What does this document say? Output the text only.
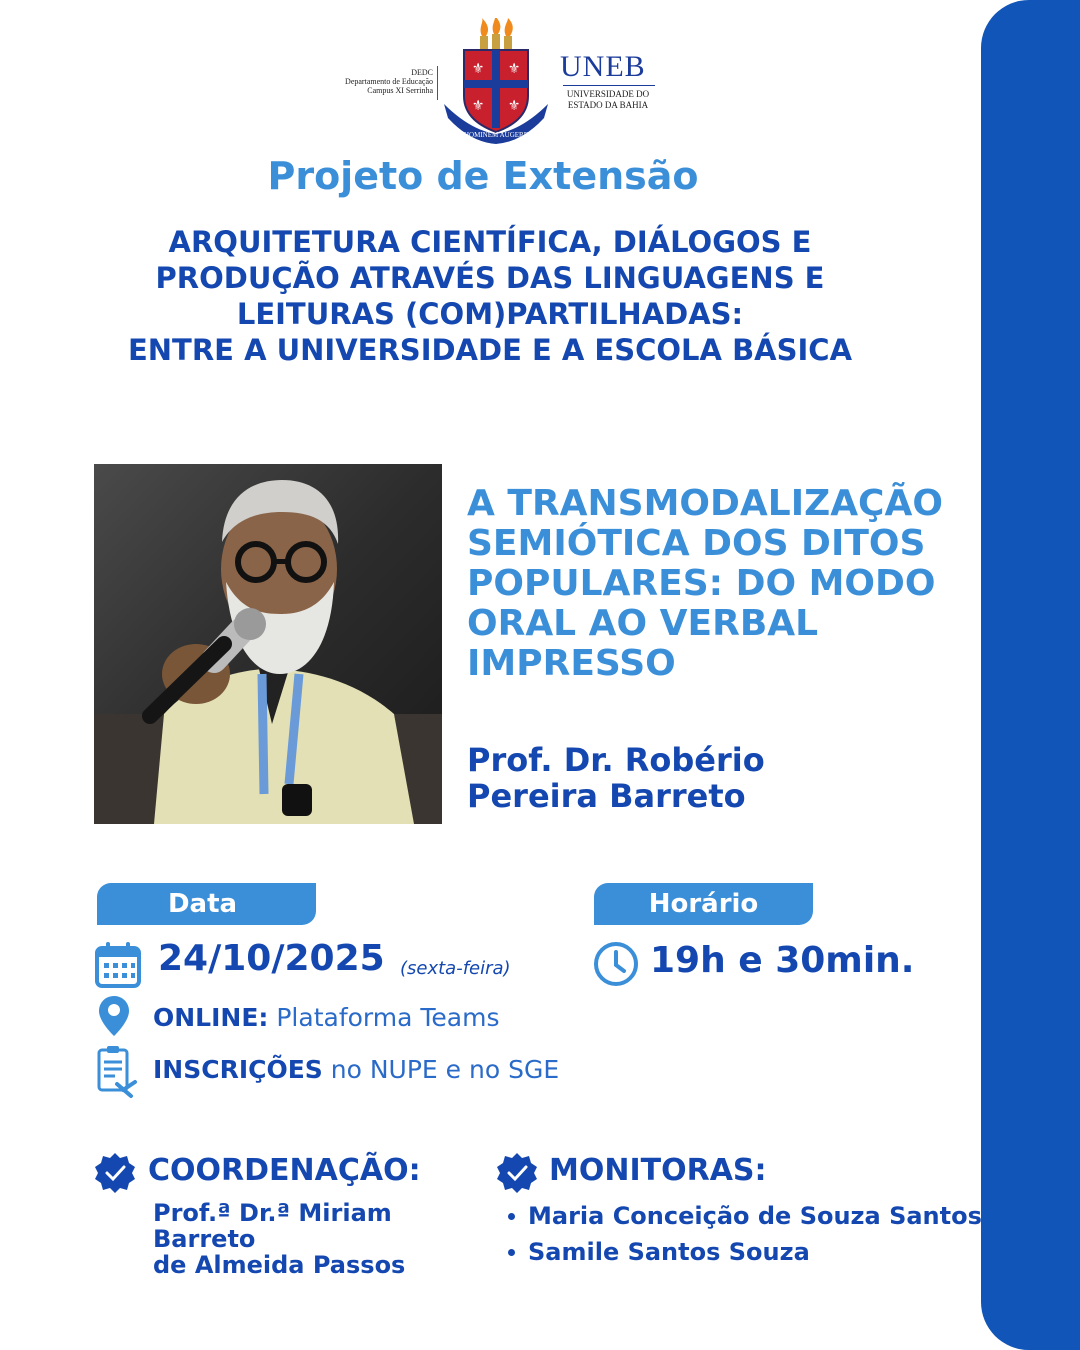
DEDC
Departamento de Educação
Campus XI Serrinha
⚜ ⚜
⚜ ⚜
HOMINEM AUGERE
UNEB
UNIVERSIDADE DO
ESTADO DA BAHIA
Projeto de Extensão
ARQUITETURA CIENTÍFICA, DIÁLOGOS E
PRODUÇÃO ATRAVÉS DAS LINGUAGENS E
LEITURAS (COM)PARTILHADAS:
ENTRE A UNIVERSIDADE E A ESCOLA BÁSICA
A TRANSMODALIZAÇÃO
SEMIÓTICA DOS DITOS
POPULARES: DO MODO
ORAL AO VERBAL
IMPRESSO
Prof. Dr. Robério
Pereira Barreto
Data	Horário
24/10/2025 (sexta-feira)	19h e 30min.
ONLINE: Plataforma Teams
INSCRIÇÕES no NUPE e no SGE
COORDENAÇÃO:
Prof.ª Dr.ª Miriam Barreto
de Almeida Passos
MONITORAS:
Maria Conceição de Souza Santos
Samile Santos Souza
